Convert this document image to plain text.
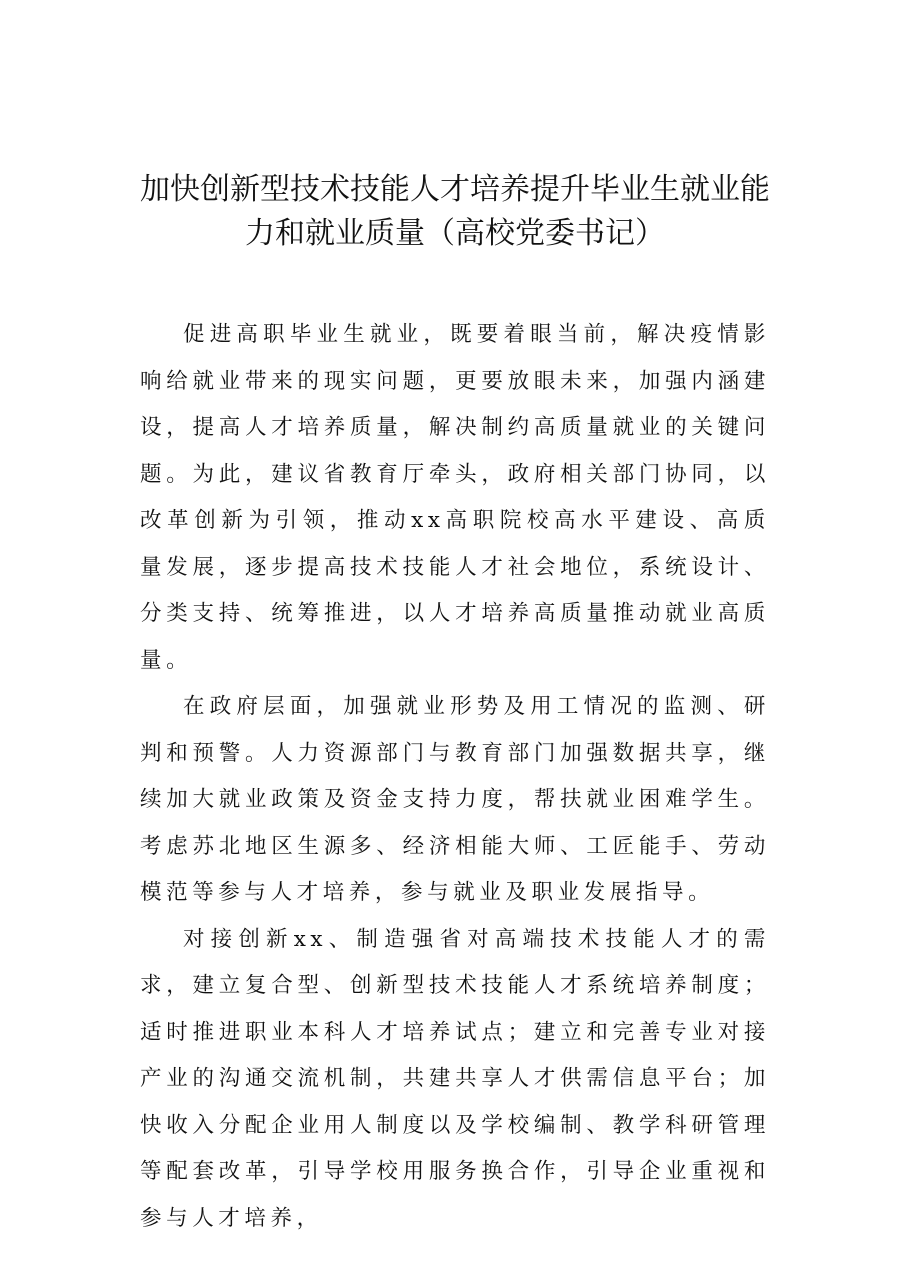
加快创新型技术技能人才培养提升毕业生就业能力和就业质量（高校党委书记）

促进高职毕业生就业，既要着眼当前，解决疫情影响给就业带来的现实问题，更要放眼未来，加强内涵建设，提高人才培养质量，解决制约高质量就业的关键问题。为此，建议省教育厅牵头，政府相关部门协同，以改革创新为引领，推动xx高职院校高水平建设、高质量发展，逐步提高技术技能人才社会地位，系统设计、分类支持、统筹推进，以人才培养高质量推动就业高质量。

在政府层面，加强就业形势及用工情况的监测、研判和预警。人力资源部门与教育部门加强数据共享，继续加大就业政策及资金支持力度，帮扶就业困难学生。考虑苏北地区生源多、经济相能大师、工匠能手、劳动模范等参与人才培养，参与就业及职业发展指导。

对接创新xx、制造强省对高端技术技能人才的需求，建立复合型、创新型技术技能人才系统培养制度；适时推进职业本科人才培养试点；建立和完善专业对接产业的沟通交流机制，共建共享人才供需信息平台；加快收入分配企业用人制度以及学校编制、教学科研管理等配套改革，引导学校用服务换合作，引导企业重视和参与人才培养，
